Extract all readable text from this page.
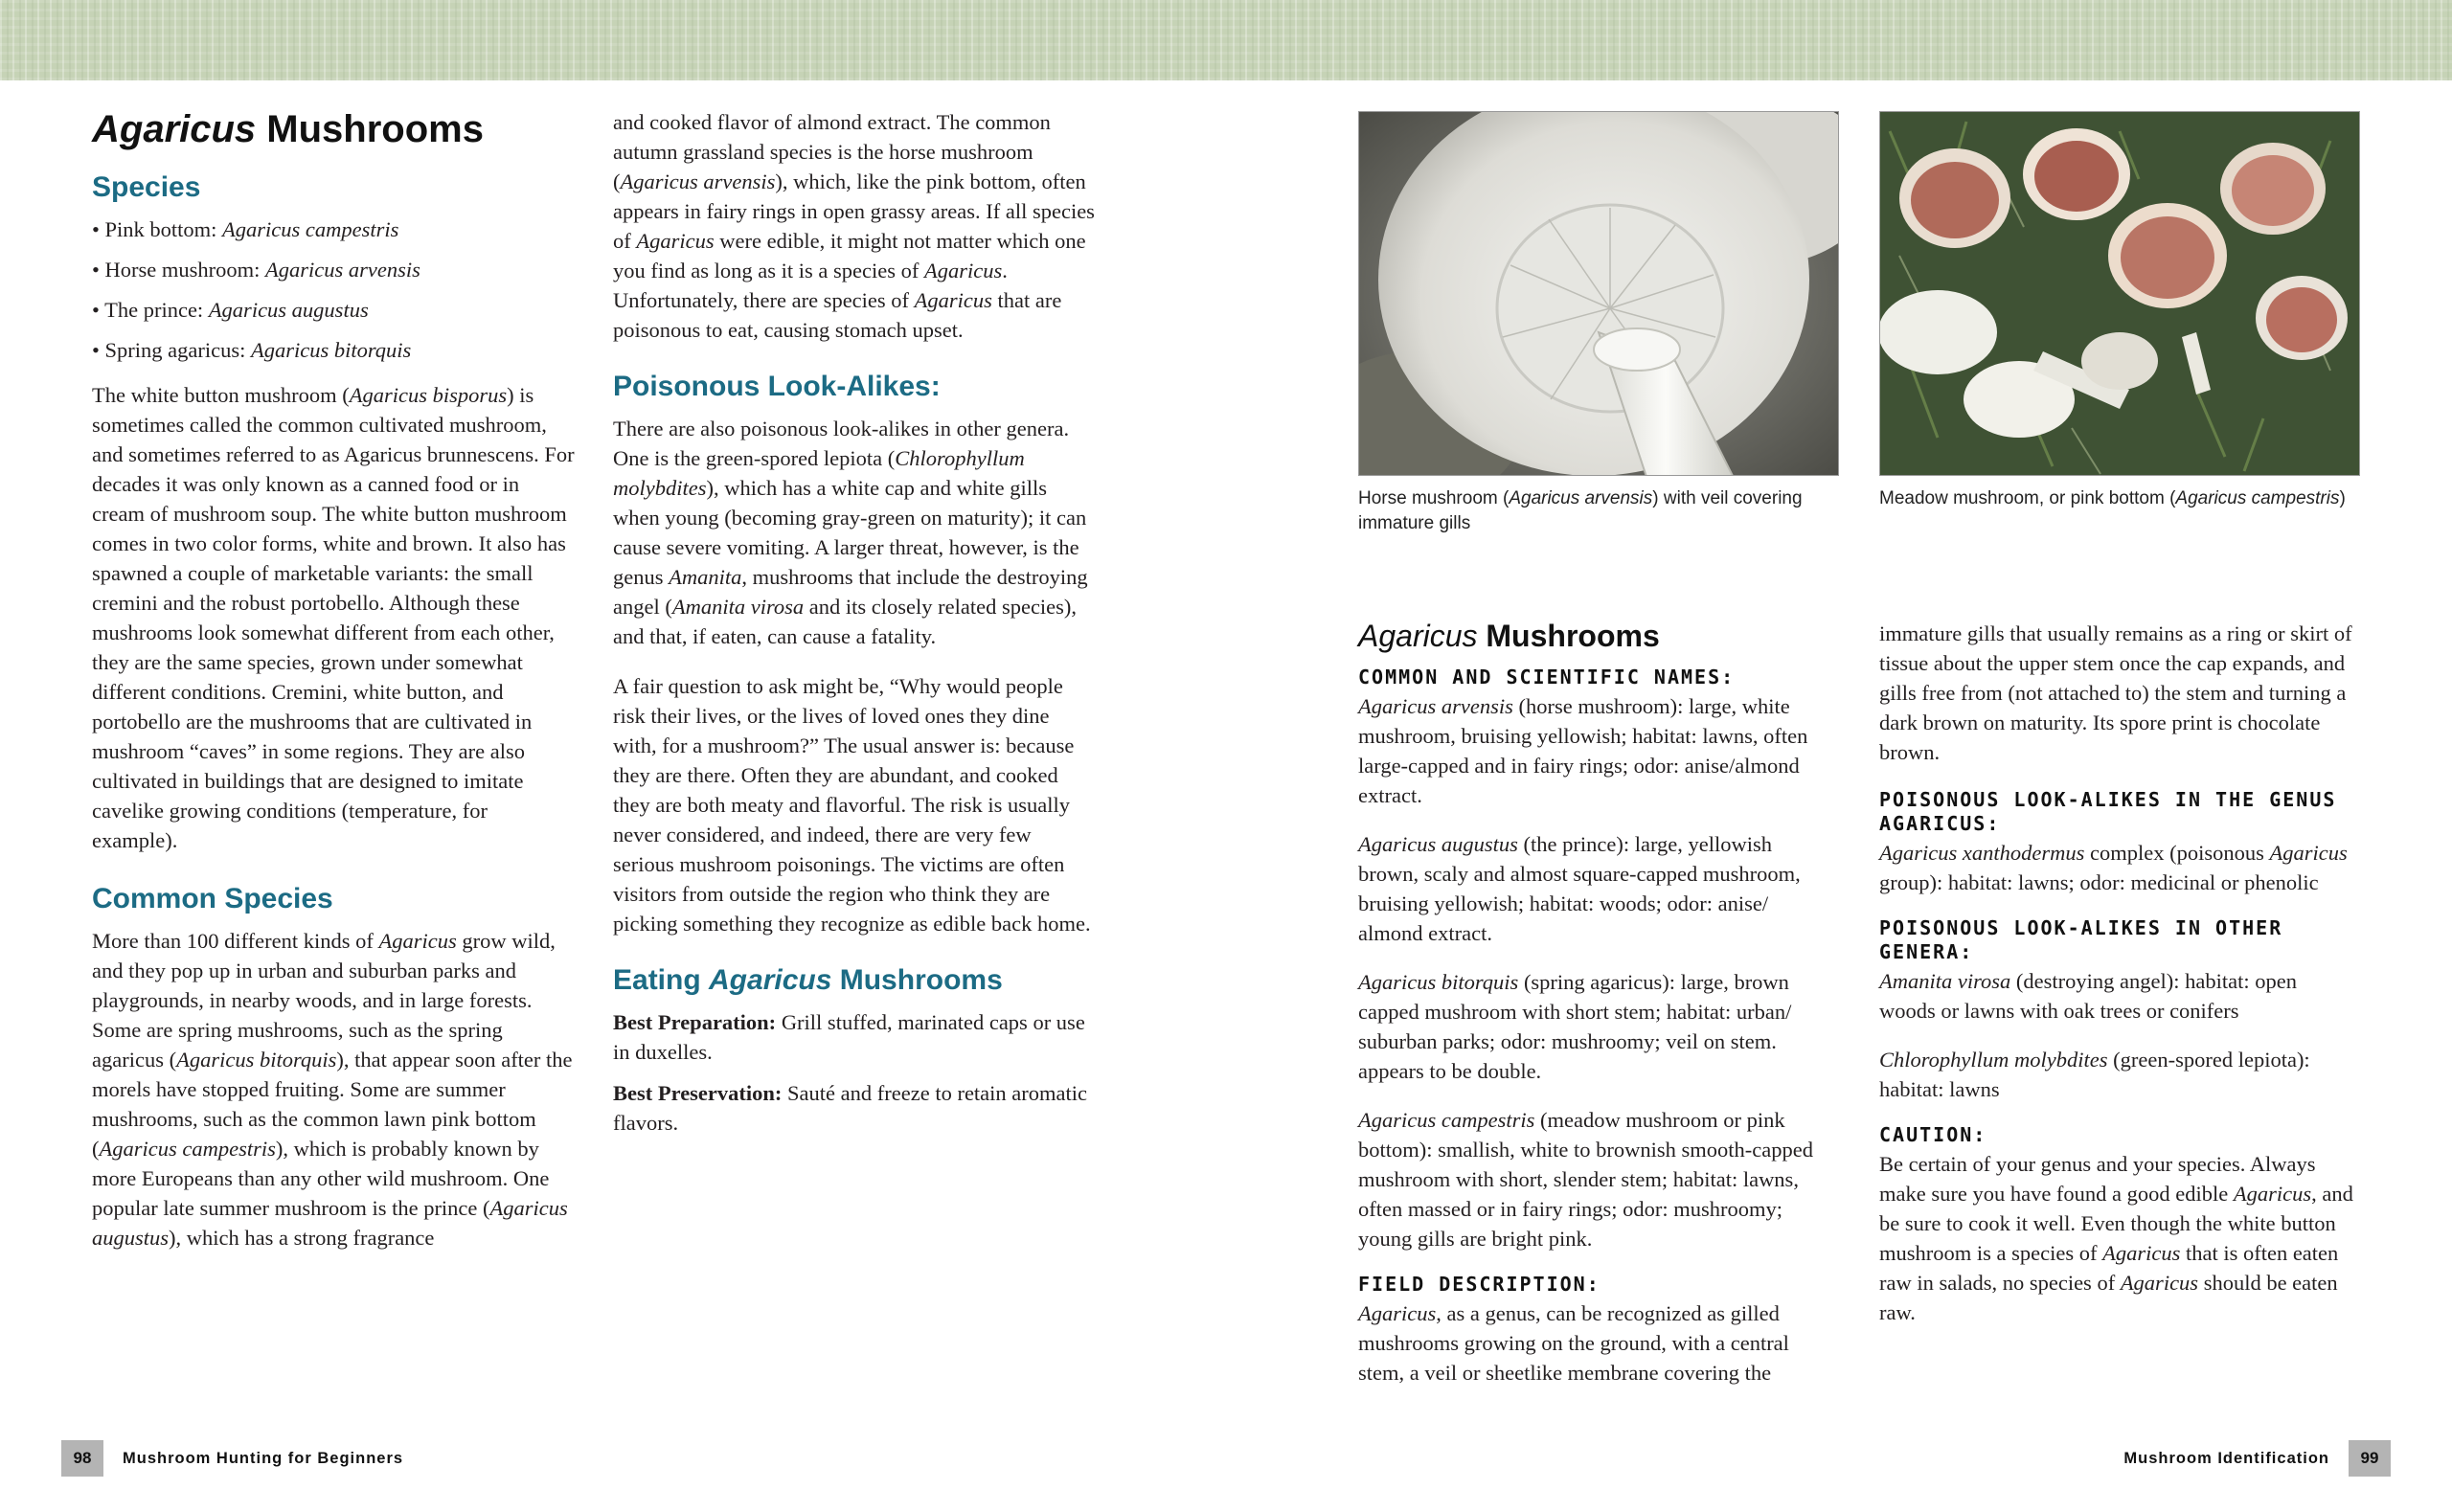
Agaricus Mushrooms
Species
• Pink bottom: Agaricus campestris
• Horse mushroom: Agaricus arvensis
• The prince: Agaricus augustus
• Spring agaricus: Agaricus bitorquis

The white button mushroom (Agaricus bisporus) is sometimes called the common cultivated mushroom, and sometimes referred to as Agaricus brunnescens. For decades it was only known as a canned food or in cream of mushroom soup. The white button mushroom comes in two color forms, white and brown. It also has spawned a couple of marketable variants: the small cremini and the robust portobello. Although these mushrooms look somewhat different from each other, they are the same species, grown under somewhat different conditions. Cremini, white button, and portobello are the mushrooms that are cultivated in mushroom “caves” in some regions. They are also cultivated in buildings that are designed to imitate cavelike growing conditions (temperature, for example).

Common Species

More than 100 different kinds of Agaricus grow wild, and they pop up in urban and suburban parks and playgrounds, in nearby woods, and in large forests. Some are spring mushrooms, such as the spring agaricus (Agaricus bitorquis), that appear soon after the morels have stopped fruiting. Some are summer mushrooms, such as the common lawn pink bottom (Agaricus campestris), which is probably known by more Europeans than any other wild mushroom. One popular late summer mushroom is the prince (Agaricus augustus), which has a strong fragrance

and cooked flavor of almond extract. The common autumn grassland species is the horse mushroom (Agaricus arvensis), which, like the pink bottom, often appears in fairy rings in open grassy areas. If all species of Agaricus were edible, it might not matter which one you find as long as it is a species of Agaricus. Unfortunately, there are species of Agaricus that are poisonous to eat, causing stomach upset.

Poisonous Look-Alikes:

There are also poisonous look-alikes in other genera. One is the green-spored lepiota (Chlorophyllum molybdites), which has a white cap and white gills when young (becoming gray-green on maturity); it can cause severe vomiting. A larger threat, however, is the genus Amanita, mushrooms that include the destroying angel (Amanita virosa and its closely related species), and that, if eaten, can cause a fatality.

A fair question to ask might be, “Why would people risk their lives, or the lives of loved ones they dine with, for a mushroom?” The usual answer is: because they are there. Often they are abundant, and cooked they are both meaty and flavorful. The risk is usually never considered, and indeed, there are very few serious mushroom poisonings. The victims are often visitors from outside the region who think they are picking something they recognize as edible back home.

Eating Agaricus Mushrooms

Best Preparation: Grill stuffed, marinated caps or use in duxelles.

Best Preservation: Sauté and freeze to retain aromatic flavors.

Horse mushroom (Agaricus arvensis) with veil covering immature gills
Meadow mushroom, or pink bottom (Agaricus campestris)
Agaricus Mushrooms
COMMON AND SCIENTIFIC NAMES:

Agaricus arvensis (horse mushroom): large, white mushroom, bruising yellowish; habitat: lawns, often large-capped and in fairy rings; odor: anise/almond extract.

Agaricus augustus (the prince): large, yellowish brown, scaly and almost square-capped mushroom, bruising yellowish; habitat: woods; odor: anise/ almond extract.

Agaricus bitorquis (spring agaricus): large, brown capped mushroom with short stem; habitat: urban/ suburban parks; odor: mushroomy; veil on stem. appears to be double.

Agaricus campestris (meadow mushroom or pink bottom): smallish, white to brownish smooth-capped mushroom with short, slender stem; habitat: lawns, often massed or in fairy rings; odor: mushroomy; young gills are bright pink.

FIELD DESCRIPTION:

Agaricus, as a genus, can be recognized as gilled mushrooms growing on the ground, with a central stem, a veil or sheetlike membrane covering the

immature gills that usually remains as a ring or skirt of tissue about the upper stem once the cap expands, and gills free from (not attached to) the stem and turning a dark brown on maturity. Its spore print is chocolate brown.

POISONOUS LOOK-ALIKES IN THE GENUS AGARICUS:

Agaricus xanthodermus complex (poisonous Agaricus group): habitat: lawns; odor: medicinal or phenolic

POISONOUS LOOK-ALIKES IN OTHER GENERA:

Amanita virosa (destroying angel): habitat: open woods or lawns with oak trees or conifers

Chlorophyllum molybdites (green-spored lepiota): habitat: lawns

CAUTION:

Be certain of your genus and your species. Always make sure you have found a good edible Agaricus, and be sure to cook it well. Even though the white button mushroom is a species of Agaricus that is often eaten raw in salads, no species of Agaricus should be eaten raw.

98	Mushroom Hunting for Beginners	Mushroom Identification	99
